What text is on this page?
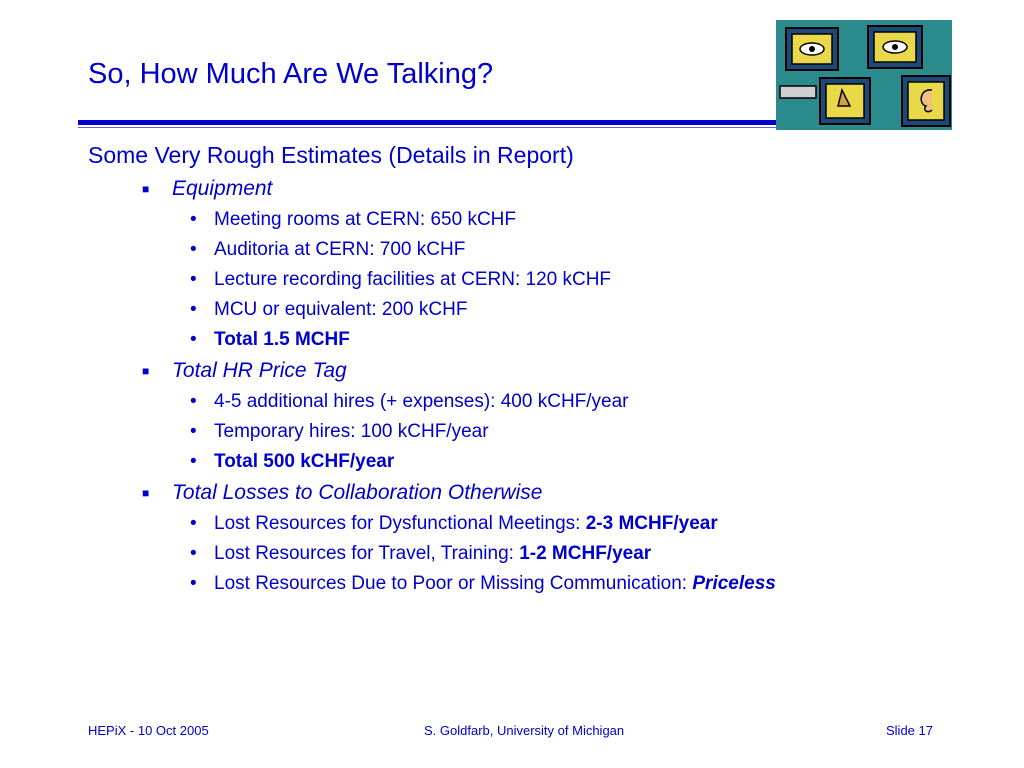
So, How Much Are We Talking?
Some Very Rough Estimates (Details in Report)
■ Equipment
• Meeting rooms at CERN: 650 kCHF
• Auditoria at CERN: 700 kCHF
• Lecture recording facilities at CERN: 120 kCHF
• MCU or equivalent: 200 kCHF
• Total 1.5 MCHF
■ Total HR Price Tag
• 4-5 additional hires (+ expenses): 400 kCHF/year
• Temporary hires: 100 kCHF/year
• Total 500 kCHF/year
■ Total Losses to Collaboration Otherwise
• Lost Resources for Dysfunctional Meetings: 2-3 MCHF/year
• Lost Resources for Travel, Training: 1-2 MCHF/year
• Lost Resources Due to Poor or Missing Communication: Priceless
HEPiX - 10 Oct 2005	S. Goldfarb, University of Michigan	Slide 17
